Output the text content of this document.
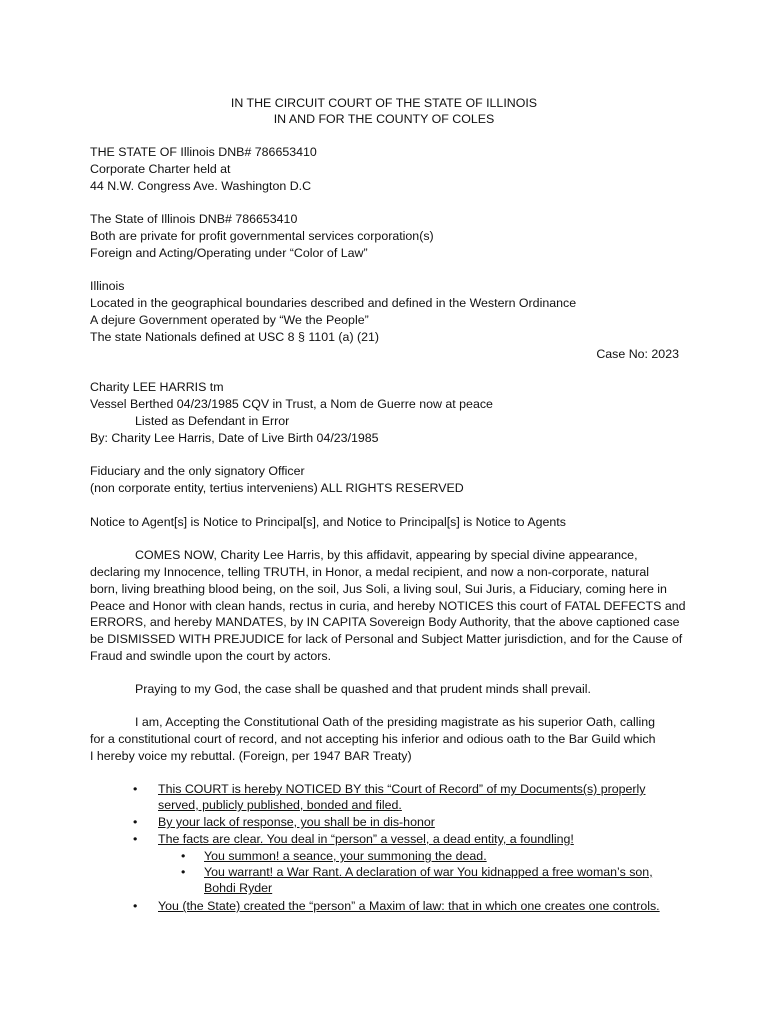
IN THE CIRCUIT COURT OF THE STATE OF ILLINOIS
IN AND FOR THE COUNTY OF COLES
THE STATE OF Illinois DNB# 786653410
Corporate Charter held at
44 N.W. Congress Ave. Washington D.C
The State of Illinois DNB# 786653410
Both are private for profit governmental services corporation(s)
Foreign and Acting/Operating under “Color of Law”
Illinois
Located in the geographical boundaries described and defined in the Western Ordinance
A dejure Government operated by “We the People”
The state Nationals defined at USC 8 § 1101 (a) (21)
Case No: 2023
Charity LEE HARRIS tm
Vessel Berthed 04/23/1985 CQV in Trust, a Nom de Guerre now at peace
Listed as Defendant in Error
By: Charity Lee Harris, Date of Live Birth 04/23/1985
Fiduciary and the only signatory Officer
(non corporate entity, tertius interveniens) ALL RIGHTS RESERVED
Notice to Agent[s] is Notice to Principal[s], and Notice to Principal[s] is Notice to Agents
COMES NOW, Charity Lee Harris, by this affidavit, appearing by special divine appearance,
declaring my Innocence, telling TRUTH, in Honor, a medal recipient, and now a non-corporate, natural
born, living breathing blood being, on the soil, Jus Soli, a living soul, Sui Juris, a Fiduciary, coming here in
Peace and Honor with clean hands, rectus in curia, and hereby NOTICES this court of FATAL DEFECTS and
ERRORS, and hereby MANDATES, by IN CAPITA Sovereign Body Authority, that the above captioned case
be DISMISSED WITH PREJUDICE for lack of Personal and Subject Matter jurisdiction, and for the Cause of
Fraud and swindle upon the court by actors.
Praying to my God, the case shall be quashed and that prudent minds shall prevail.
I am, Accepting the Constitutional Oath of the presiding magistrate as his superior Oath, calling
for a constitutional court of record, and not accepting his inferior and odious oath to the Bar Guild which
I hereby voice my rebuttal. (Foreign, per 1947 BAR Treaty)
• This COURT is hereby NOTICED BY this “Court of Record” of my Documents(s) properly
served, publicly published, bonded and filed.
• By your lack of response, you shall be in dis-honor
• The facts are clear. You deal in “person” a vessel, a dead entity, a foundling!
• You summon! a seance, your summoning the dead.
• You warrant! a War Rant. A declaration of war You kidnapped a free woman’s son,
Bohdi Ryder
• You (the State) created the “person” a Maxim of law: that in which one creates one controls.
